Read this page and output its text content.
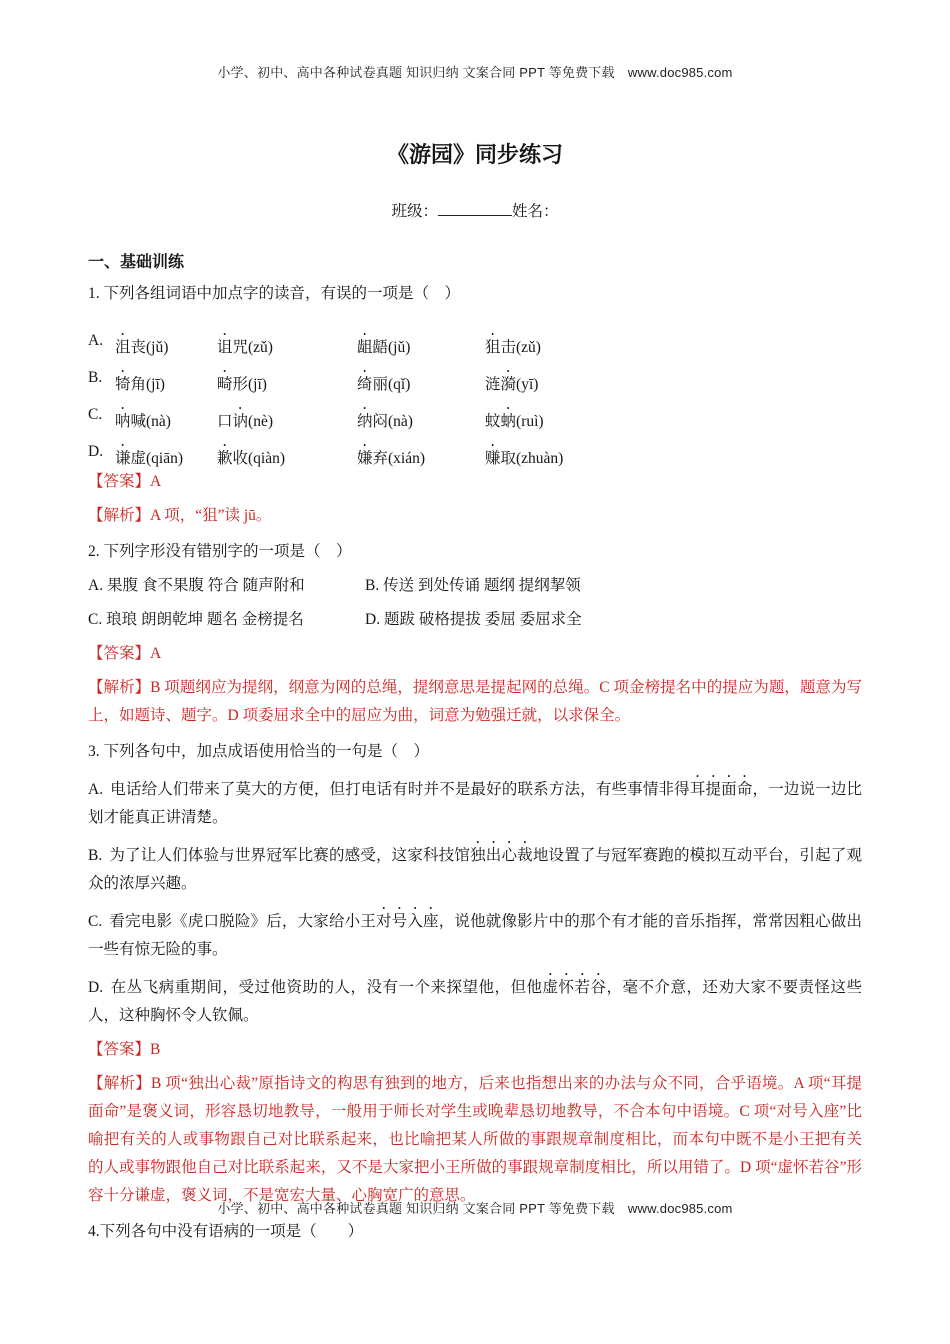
小学、初中、高中各种试卷真题 知识归纳 文案合同 PPT 等免费下载　www.doc985.com
《游园》同步练习
班级：	姓名：
一、基础训练

1. 下列各组词语中加点字的读音，有误的一项是（　）

A. 沮丧(jǔ)	诅咒(zǔ)	龃龉(jǔ)	狙击(zǔ)
B. 犄角(jī)	畸形(jī)	绮丽(qǐ)	涟漪(yī)
C. 呐喊(nà)	口讷(nè)	纳闷(nà)	蚊蚋(ruì)
D. 谦虚(qiān)	歉收(qiàn)	嫌弃(xián)	赚取(zhuàn)

【答案】A

【解析】A 项，“狙”读 jū。

2. 下列字形没有错别字的一项是（　）

A. 果腹 食不果腹 符合 随声附和	B. 传送 到处传诵 题纲 提纲挈领
C. 琅琅 朗朗乾坤 题名 金榜提名	D. 题跋 破格提拔 委屈 委屈求全

【答案】A

【解析】B 项题纲应为提纲，纲意为网的总绳，提纲意思是提起网的总绳。C 项金榜提名中的提应为题，题意为写上，如题诗、题字。D 项委屈求全中的屈应为曲，词意为勉强迁就，以求保全。

3. 下列各句中，加点成语使用恰当的一句是（　）

A. 电话给人们带来了莫大的方便，但打电话有时并不是最好的联系方法，有些事情非得耳提面命，一边说一边比划才能真正讲清楚。

B. 为了让人们体验与世界冠军比赛的感受，这家科技馆独出心裁地设置了与冠军赛跑的模拟互动平台，引起了观众的浓厚兴趣。

C. 看完电影《虎口脱险》后，大家给小王对号入座，说他就像影片中的那个有才能的音乐指挥，常常因粗心做出一些有惊无险的事。

D. 在丛飞病重期间，受过他资助的人，没有一个来探望他，但他虚怀若谷，毫不介意，还劝大家不要责怪这些人，这种胸怀令人钦佩。

【答案】B

【解析】B 项“独出心裁”原指诗文的构思有独到的地方，后来也指想出来的办法与众不同，合乎语境。A 项“耳提面命”是褒义词，形容恳切地教导，一般用于师长对学生或晚辈恳切地教导，不合本句中语境。C 项“对号入座”比喻把有关的人或事物跟自己对比联系起来，也比喻把某人所做的事跟规章制度相比，而本句中既不是小王把有关的人或事物跟他自己对比联系起来，又不是大家把小王所做的事跟规章制度相比，所以用错了。D 项“虚怀若谷”形容十分谦虚，褒义词，不是宽宏大量、心胸宽广的意思。

4.下列各句中没有语病的一项是（　　）

小学、初中、高中各种试卷真题 知识归纳 文案合同 PPT 等免费下载　www.doc985.com
